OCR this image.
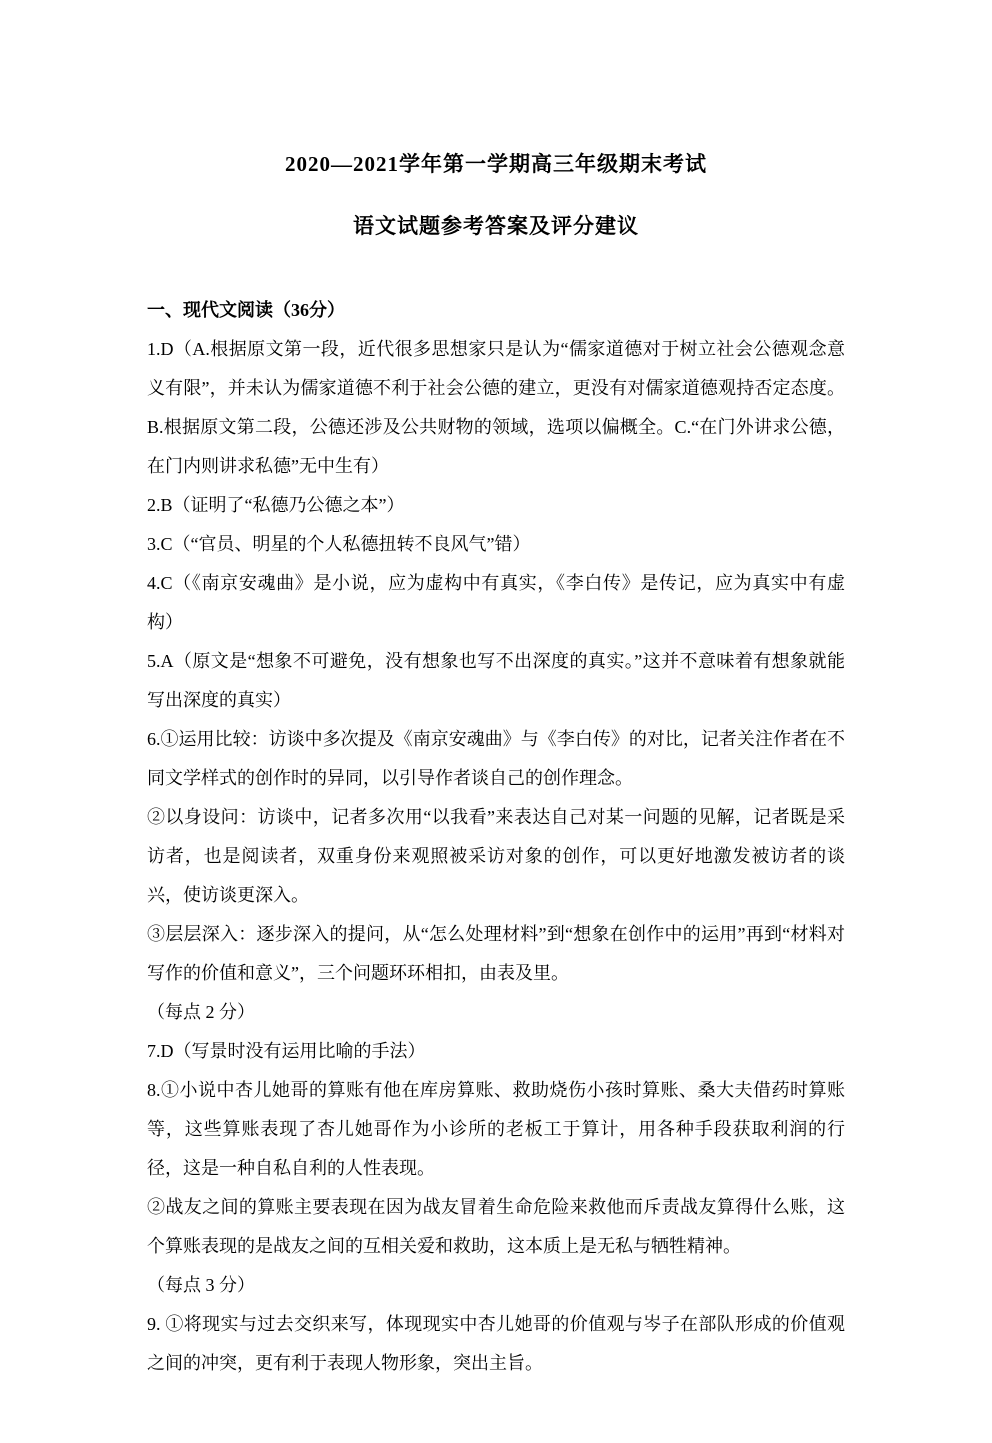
2020—2021学年第一学期高三年级期末考试
语文试题参考答案及评分建议

一、现代文阅读（36分）

1.D（A.根据原文第一段，近代很多思想家只是认为“儒家道德对于树立社会公德观念意义有限”，并未认为儒家道德不利于社会公德的建立，更没有对儒家道德观持否定态度。B.根据原文第二段，公德还涉及公共财物的领域，选项以偏概全。C.“在门外讲求公德，在门内则讲求私德”无中生有）

2.B（证明了“私德乃公德之本”）

3.C（“官员、明星的个人私德扭转不良风气”错）

4.C（《南京安魂曲》是小说，应为虚构中有真实，《李白传》是传记，应为真实中有虚构）

5.A（原文是“想象不可避免，没有想象也写不出深度的真实。”这并不意味着有想象就能写出深度的真实）

6.①运用比较：访谈中多次提及《南京安魂曲》与《李白传》的对比，记者关注作者在不同文学样式的创作时的异同，以引导作者谈自己的创作理念。

②以身设问：访谈中，记者多次用“以我看”来表达自己对某一问题的见解，记者既是采访者，也是阅读者，双重身份来观照被采访对象的创作，可以更好地激发被访者的谈兴，使访谈更深入。

③层层深入：逐步深入的提问，从“怎么处理材料”到“想象在创作中的运用”再到“材料对写作的价值和意义”，三个问题环环相扣，由表及里。

（每点 2 分）

7.D（写景时没有运用比喻的手法）

8.①小说中杏儿她哥的算账有他在库房算账、救助烧伤小孩时算账、桑大夫借药时算账等，这些算账表现了杏儿她哥作为小诊所的老板工于算计，用各种手段获取利润的行径，这是一种自私自利的人性表现。

②战友之间的算账主要表现在因为战友冒着生命危险来救他而斥责战友算得什么账，这个算账表现的是战友之间的互相关爱和救助，这本质上是无私与牺牲精神。

（每点 3 分）

9. ①将现实与过去交织来写，体现现实中杏儿她哥的价值观与岑子在部队形成的价值观之间的冲突，更有利于表现人物形象，突出主旨。
